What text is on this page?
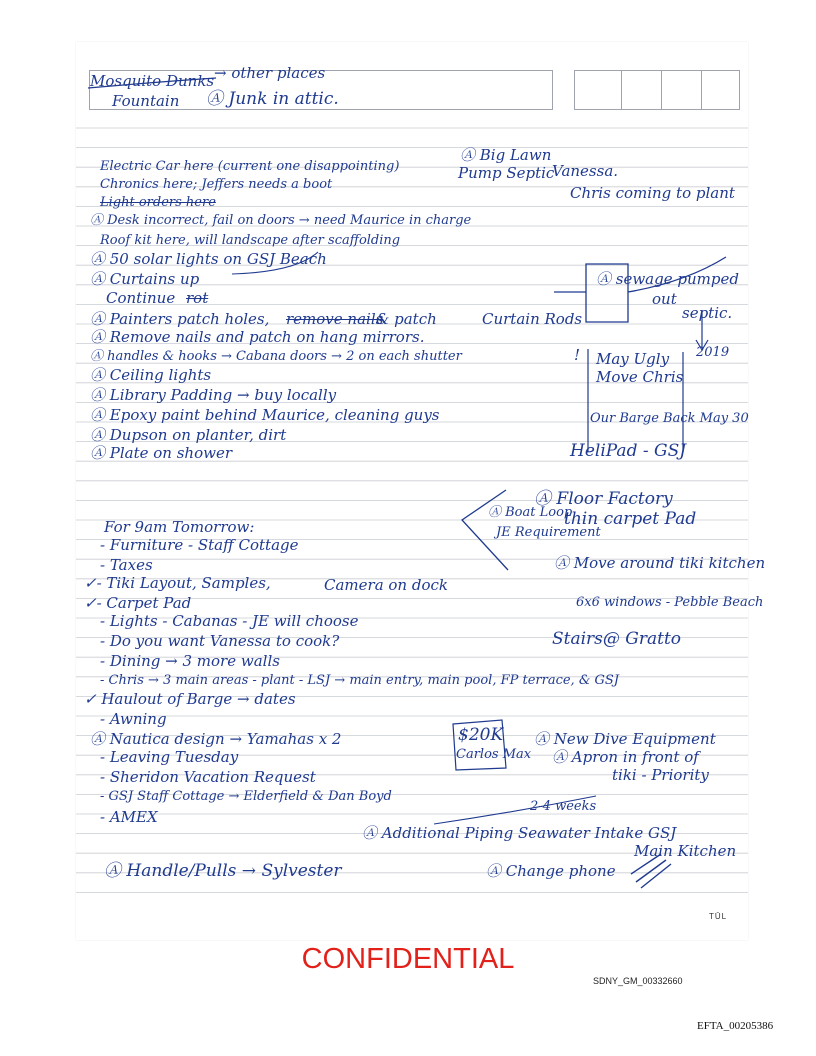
Mosquito Dunks → other places
Fountain Ⓐ Junk in attic.
Ⓐ Big Lawn
Pump Septic
Vanessa.
Electric Car here (current one disappointing)
Chronics here; Jeffers needs a boot
Light orders here
Chris coming to plant
Ⓐ Desk incorrect, fail on doors → need Maurice in charge
Roof kit here, will landscape after scaffolding
Ⓐ 50 solar lights on GSJ Beach
Ⓐ Curtains up	Ⓐ sewage pumped
out
Continue rot
Ⓐ Painters patch holes, remove nails
& patch	Curtain Rods	septic.
2019
Ⓐ Remove nails and patch on hang mirrors.
Ⓐ handles & hooks → Cabana doors → 2 on each shutter	! May Ugly
Move Chris
Ⓐ Ceiling lights
Ⓐ Library Padding → buy locally
Ⓐ Epoxy paint behind Maurice, cleaning guys	Our Barge Back May 30
Ⓐ Dupson on planter, dirt
Ⓐ Plate on shower	HeliPad - GSJ
Ⓐ Floor Factory
thin carpet Pad
Ⓐ Boat Loop
JE Requirement
For 9am Tomorrow:
- Furniture - Staff Cottage
- Taxes
✓- Tiki Layout, Samples,	Camera on dock
Ⓐ Move around tiki kitchen
✓- Carpet Pad	6x6 windows - Pebble Beach
- Lights - Cabanas - JE will choose
- Do you want Vanessa to cook?	Stairs@ Gratto
- Dining → 3 more walls
- Chris → 3 main areas - plant - LSJ → main entry, main pool, FP terrace, & GSJ
✓ Haulout of Barge → dates
- Awning
$20K
Carlos Max
Ⓐ New Dive Equipment
Ⓐ Nautica design → Yamahas x 2
- Leaving Tuesday	Ⓐ Apron in front of
tiki - Priority
- Sheridon Vacation Request
- GSJ Staff Cottage → Elderfield & Dan Boyd
2-4 weeks
- AMEX
Ⓐ Additional Piping Seawater Intake GSJ
Main Kitchen
Ⓐ Handle/Pulls → Sylvester	Ⓐ Change phone
TŪL
CONFIDENTIAL
SDNY_GM_00332660
EFTA_00205386
